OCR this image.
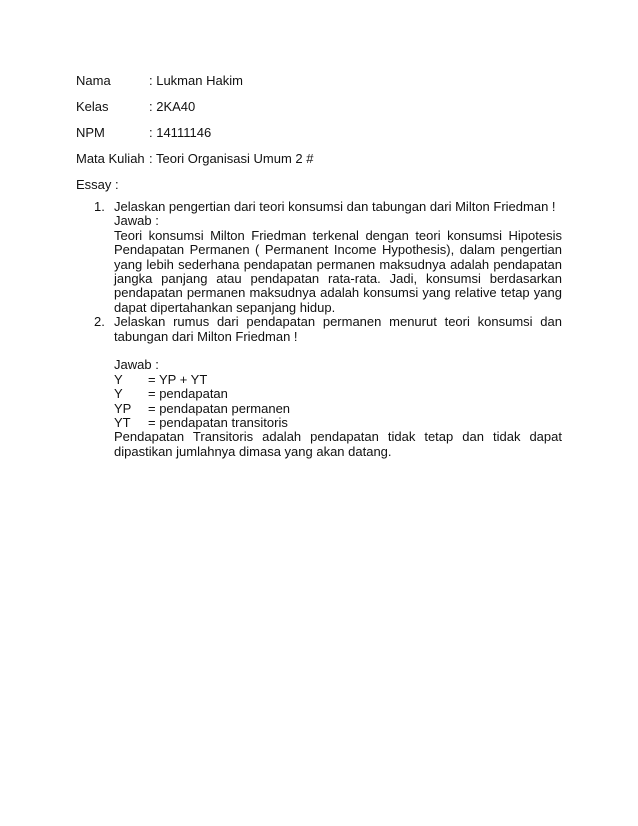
Nama	: Lukman Hakim
Kelas	: 2KA40
NPM	: 14111146
Mata Kuliah : Teori Organisasi Umum 2 #
Essay :
1. Jelaskan pengertian dari teori konsumsi dan tabungan dari Milton Friedman !
Jawab :
Teori konsumsi Milton Friedman terkenal dengan teori konsumsi Hipotesis Pendapatan Permanen ( Permanent Income Hypothesis), dalam pengertian yang lebih sederhana pendapatan permanen maksudnya adalah pendapatan jangka panjang atau pendapatan rata-rata. Jadi, konsumsi berdasarkan pendapatan permanen maksudnya adalah konsumsi yang relative tetap yang dapat dipertahankan sepanjang hidup.
2. Jelaskan rumus dari pendapatan permanen menurut teori konsumsi dan tabungan dari Milton Friedman !
Jawab :
Y	= YP + YT
Y	= pendapatan
YP	= pendapatan permanen
YT	= pendapatan transitoris
Pendapatan Transitoris adalah pendapatan tidak tetap dan tidak dapat dipastikan jumlahnya dimasa yang akan datang.
